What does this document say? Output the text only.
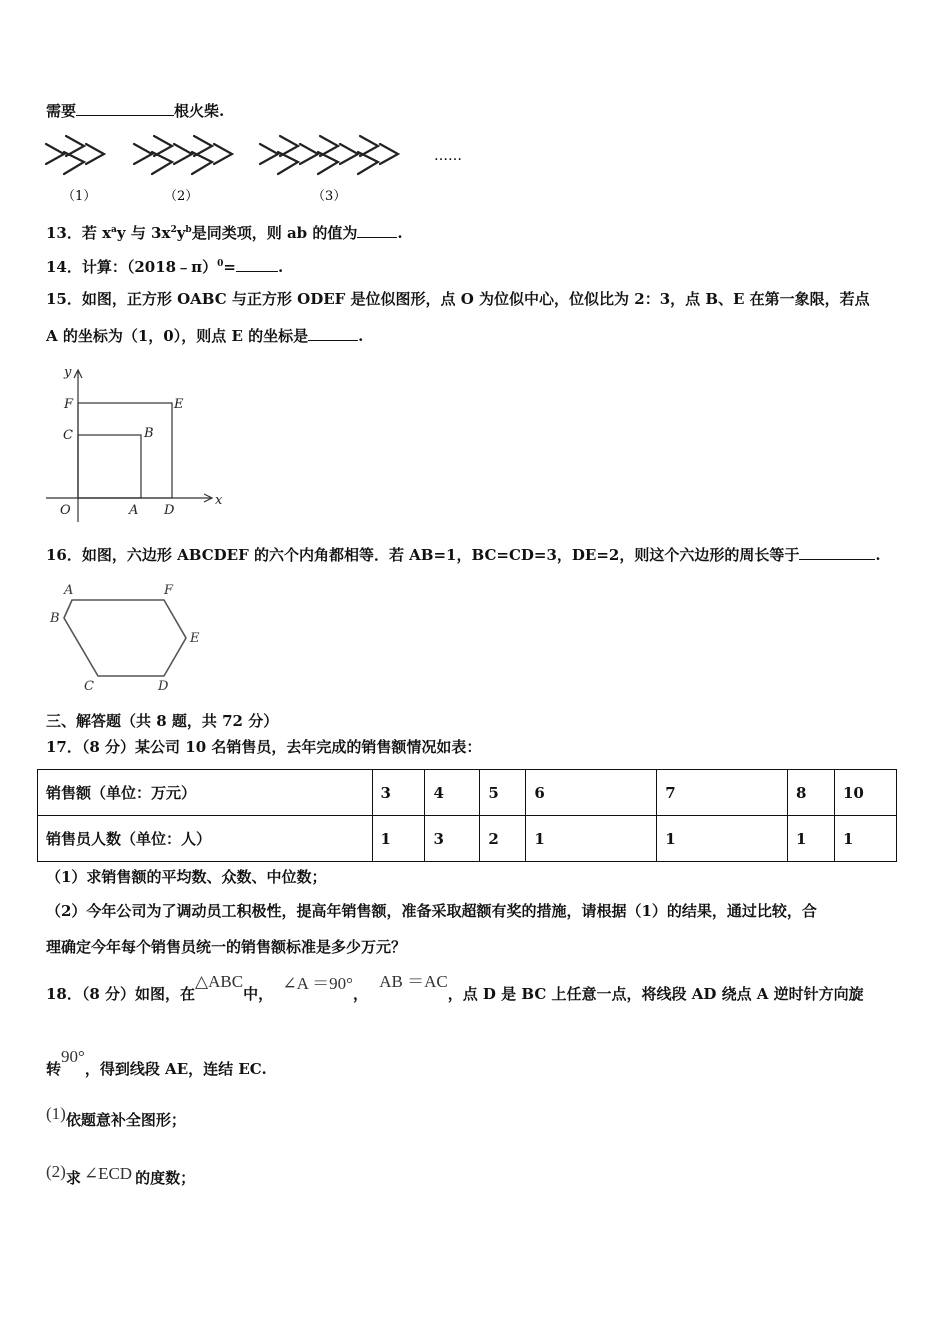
需要	根火柴.
（1）	（2）	（3）
……
13．若 $x^ay$ 与 $3x^2y^b$是同类项，则 ab 的值为	.
14．计算：（2018﹣π）$^0$=	.
15．如图，正方形 OABC 与正方形 ODEF 是位似图形，点 O 为位似中心，位似比为 2：3，点 B、E 在第一象限，若点
A 的坐标为（1，0），则点 E 的坐标是	.
y
x
O	A D
C	B
F	E
16．如图，六边形 ABCDEF 的六个内角都相等．若 AB=1，BC=CD=3，DE=2，则这个六边形的周长等于	.
A
B
C	D
E
F
三、解答题（共 8 题，共 72 分）
17．（8 分）某公司 10 名销售员，去年完成的销售额情况如表：
销售额（单位：万元）	3	4	5	6	7	8	10
销售员人数（单位：人）	1	3	2	1	1	1	1
（1）求销售额的平均数、众数、中位数；
（2）今年公司为了调动员工积极性，提高年销售额，准备采取超额有奖的措施，请根据（1）的结果，通过比较，合
理确定今年每个销售员统一的销售额标准是多少万元？
18．（8 分）如图，在△ABC中， ∠A ＝90°， AB ＝AC，点 D 是 BC 上任意一点，将线段 AD 绕点 A 逆时针方向旋
转90°，得到线段 AE，连结 EC.
(1)依题意补全图形；
(2)求 ∠ECD 的度数；
